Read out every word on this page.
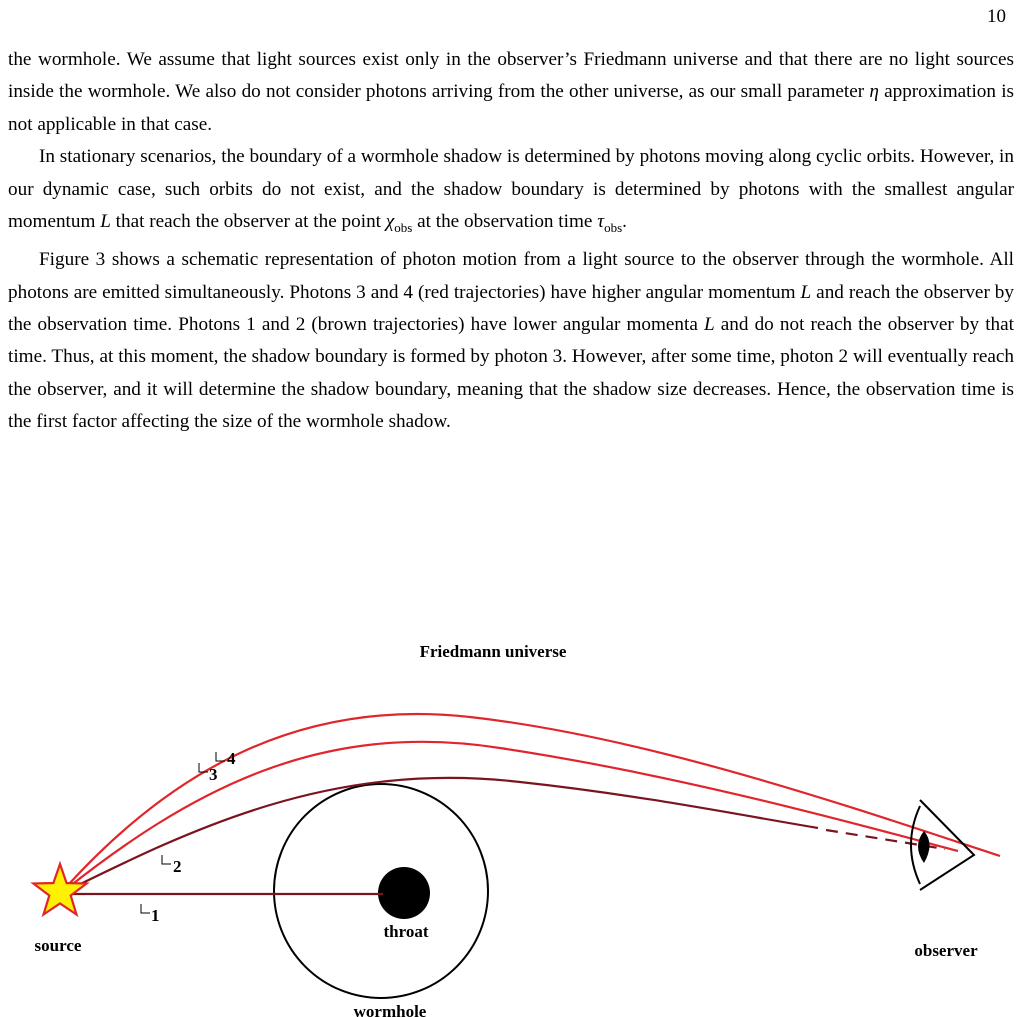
10

the wormhole. We assume that light sources exist only in the observer’s Friedmann universe and that there are no light sources inside the wormhole. We also do not consider photons arriving from the other universe, as our small parameter η approximation is not applicable in that case.

In stationary scenarios, the boundary of a wormhole shadow is determined by photons moving along cyclic orbits. However, in our dynamic case, such orbits do not exist, and the shadow boundary is determined by photons with the smallest angular momentum L that reach the observer at the point $\chi_{obs}$ at the observation time $\tau_{obs}$.

Figure 3 shows a schematic representation of photon motion from a light source to the observer through the wormhole. All photons are emitted simultaneously. Photons 3 and 4 (red trajectories) have higher angular momentum L and reach the observer by the observation time. Photons 1 and 2 (brown trajectories) have lower angular momenta L and do not reach the observer by that time. Thus, at this moment, the shadow boundary is formed by photon 3. However, after some time, photon 2 will eventually reach the observer, and it will determine the shadow boundary, meaning that the shadow size decreases. Hence, the observation time is the first factor affecting the size of the wormhole shadow.

Friedmann universe
source
throat
wormhole
observer
1
2
3
4
